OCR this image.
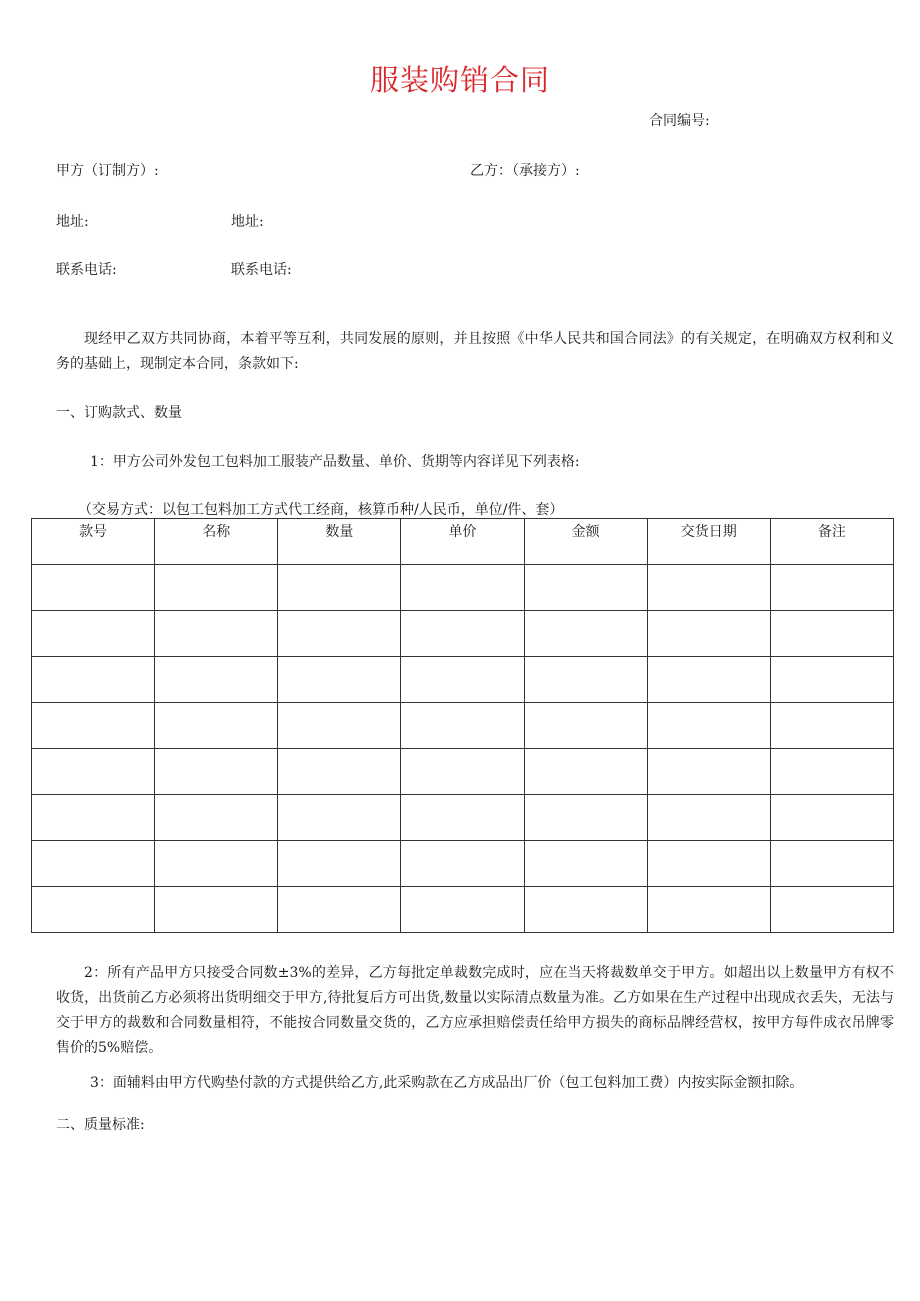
服装购销合同
合同编号:
甲方（订制方）:	乙方：（承接方）:
地址:	地址:
联系电话:	联系电话:
现经甲乙双方共同协商，本着平等互利，共同发展的原则，并且按照《中华人民共和国合同法》的有关规定，在明确双方权利和义务的基础上，现制定本合同，条款如下:
一、订购款式、数量
1：甲方公司外发包工包料加工服装产品数量、单价、货期等内容详见下列表格:
（交易方式：以包工包料加工方式代工经商，核算币种/人民币，单位/件、套）
款号	名称	数量	单价	金额	交货日期	备注

2：所有产品甲方只接受合同数±3%的差异，乙方每批定单裁数完成时，应在当天将裁数单交于甲方。如超出以上数量甲方有权不收货，出货前乙方必须将出货明细交于甲方,待批复后方可出货,数量以实际清点数量为准。乙方如果在生产过程中出现成衣丢失，无法与交于甲方的裁数和合同数量相符，不能按合同数量交货的，乙方应承担赔偿责任给甲方损失的商标品牌经营权，按甲方每件成衣吊牌零售价的5%赔偿。
3：面辅料由甲方代购垫付款的方式提供给乙方,此采购款在乙方成品出厂价（包工包料加工费）内按实际金额扣除。
二、质量标准:
